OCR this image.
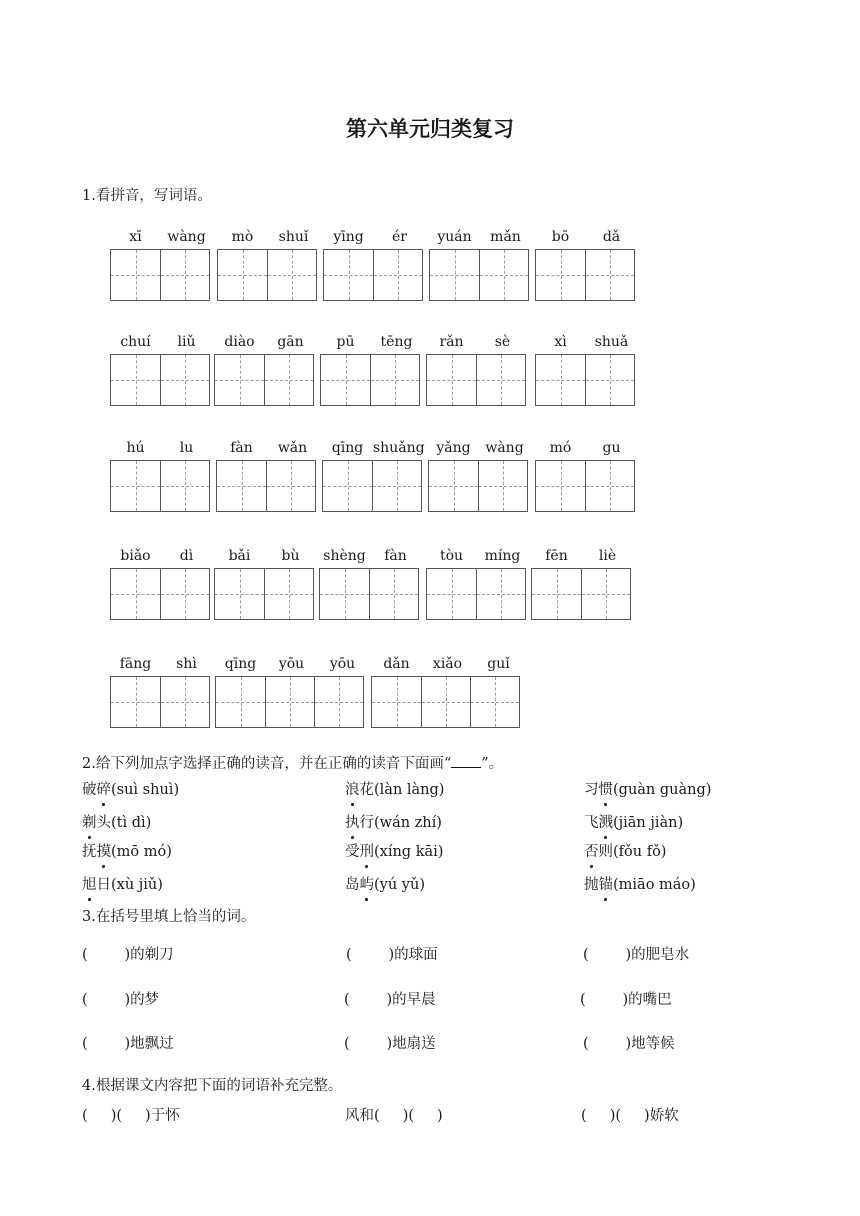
第六单元归类复习
1.看拼音，写词语。
xī	wàng	mò	shuǐ	yīng	ér	yuán	mǎn	bō	dǎ
chuí	liǔ	diào	gān	pū	tēng	rǎn	sè	xì	shuǎ
hú	lu	fàn	wǎn	qīng shuǎng yǎng	wàng	mó	gu
biǎo	dì	bǎi	bù	shèng	fàn	tòu	míng	fēn	liè
fāng	shì	qīng	yōu	yōu	dǎn	xiǎo	guǐ
2.给下列加点字选择正确的读音，并在正确的读音下面画“ ”。
破碎(suì shuì)	浪花(làn làng)	习惯(guàn guàng)
剃头(tì dì)	执行(wán zhí)	飞溅(jiān jiàn)
抚摸(mō mó)	受刑(xíng kāi)	否则(fǒu fǒ)
旭日(xù jiǔ)	岛屿(yú yǔ)	抛锚(miāo máo)
3.在括号里填上恰当的词。
(        )的剃刀	(        )的球面	(        )的肥皂水
(        )的梦	(        )的早晨	(        )的嘴巴
(        )地飘过	(        )地扇送	(        )地等候
4.根据课文内容把下面的词语补充完整。
(     )(     )于怀	风和(     )(     )	(     )(     )娇软
